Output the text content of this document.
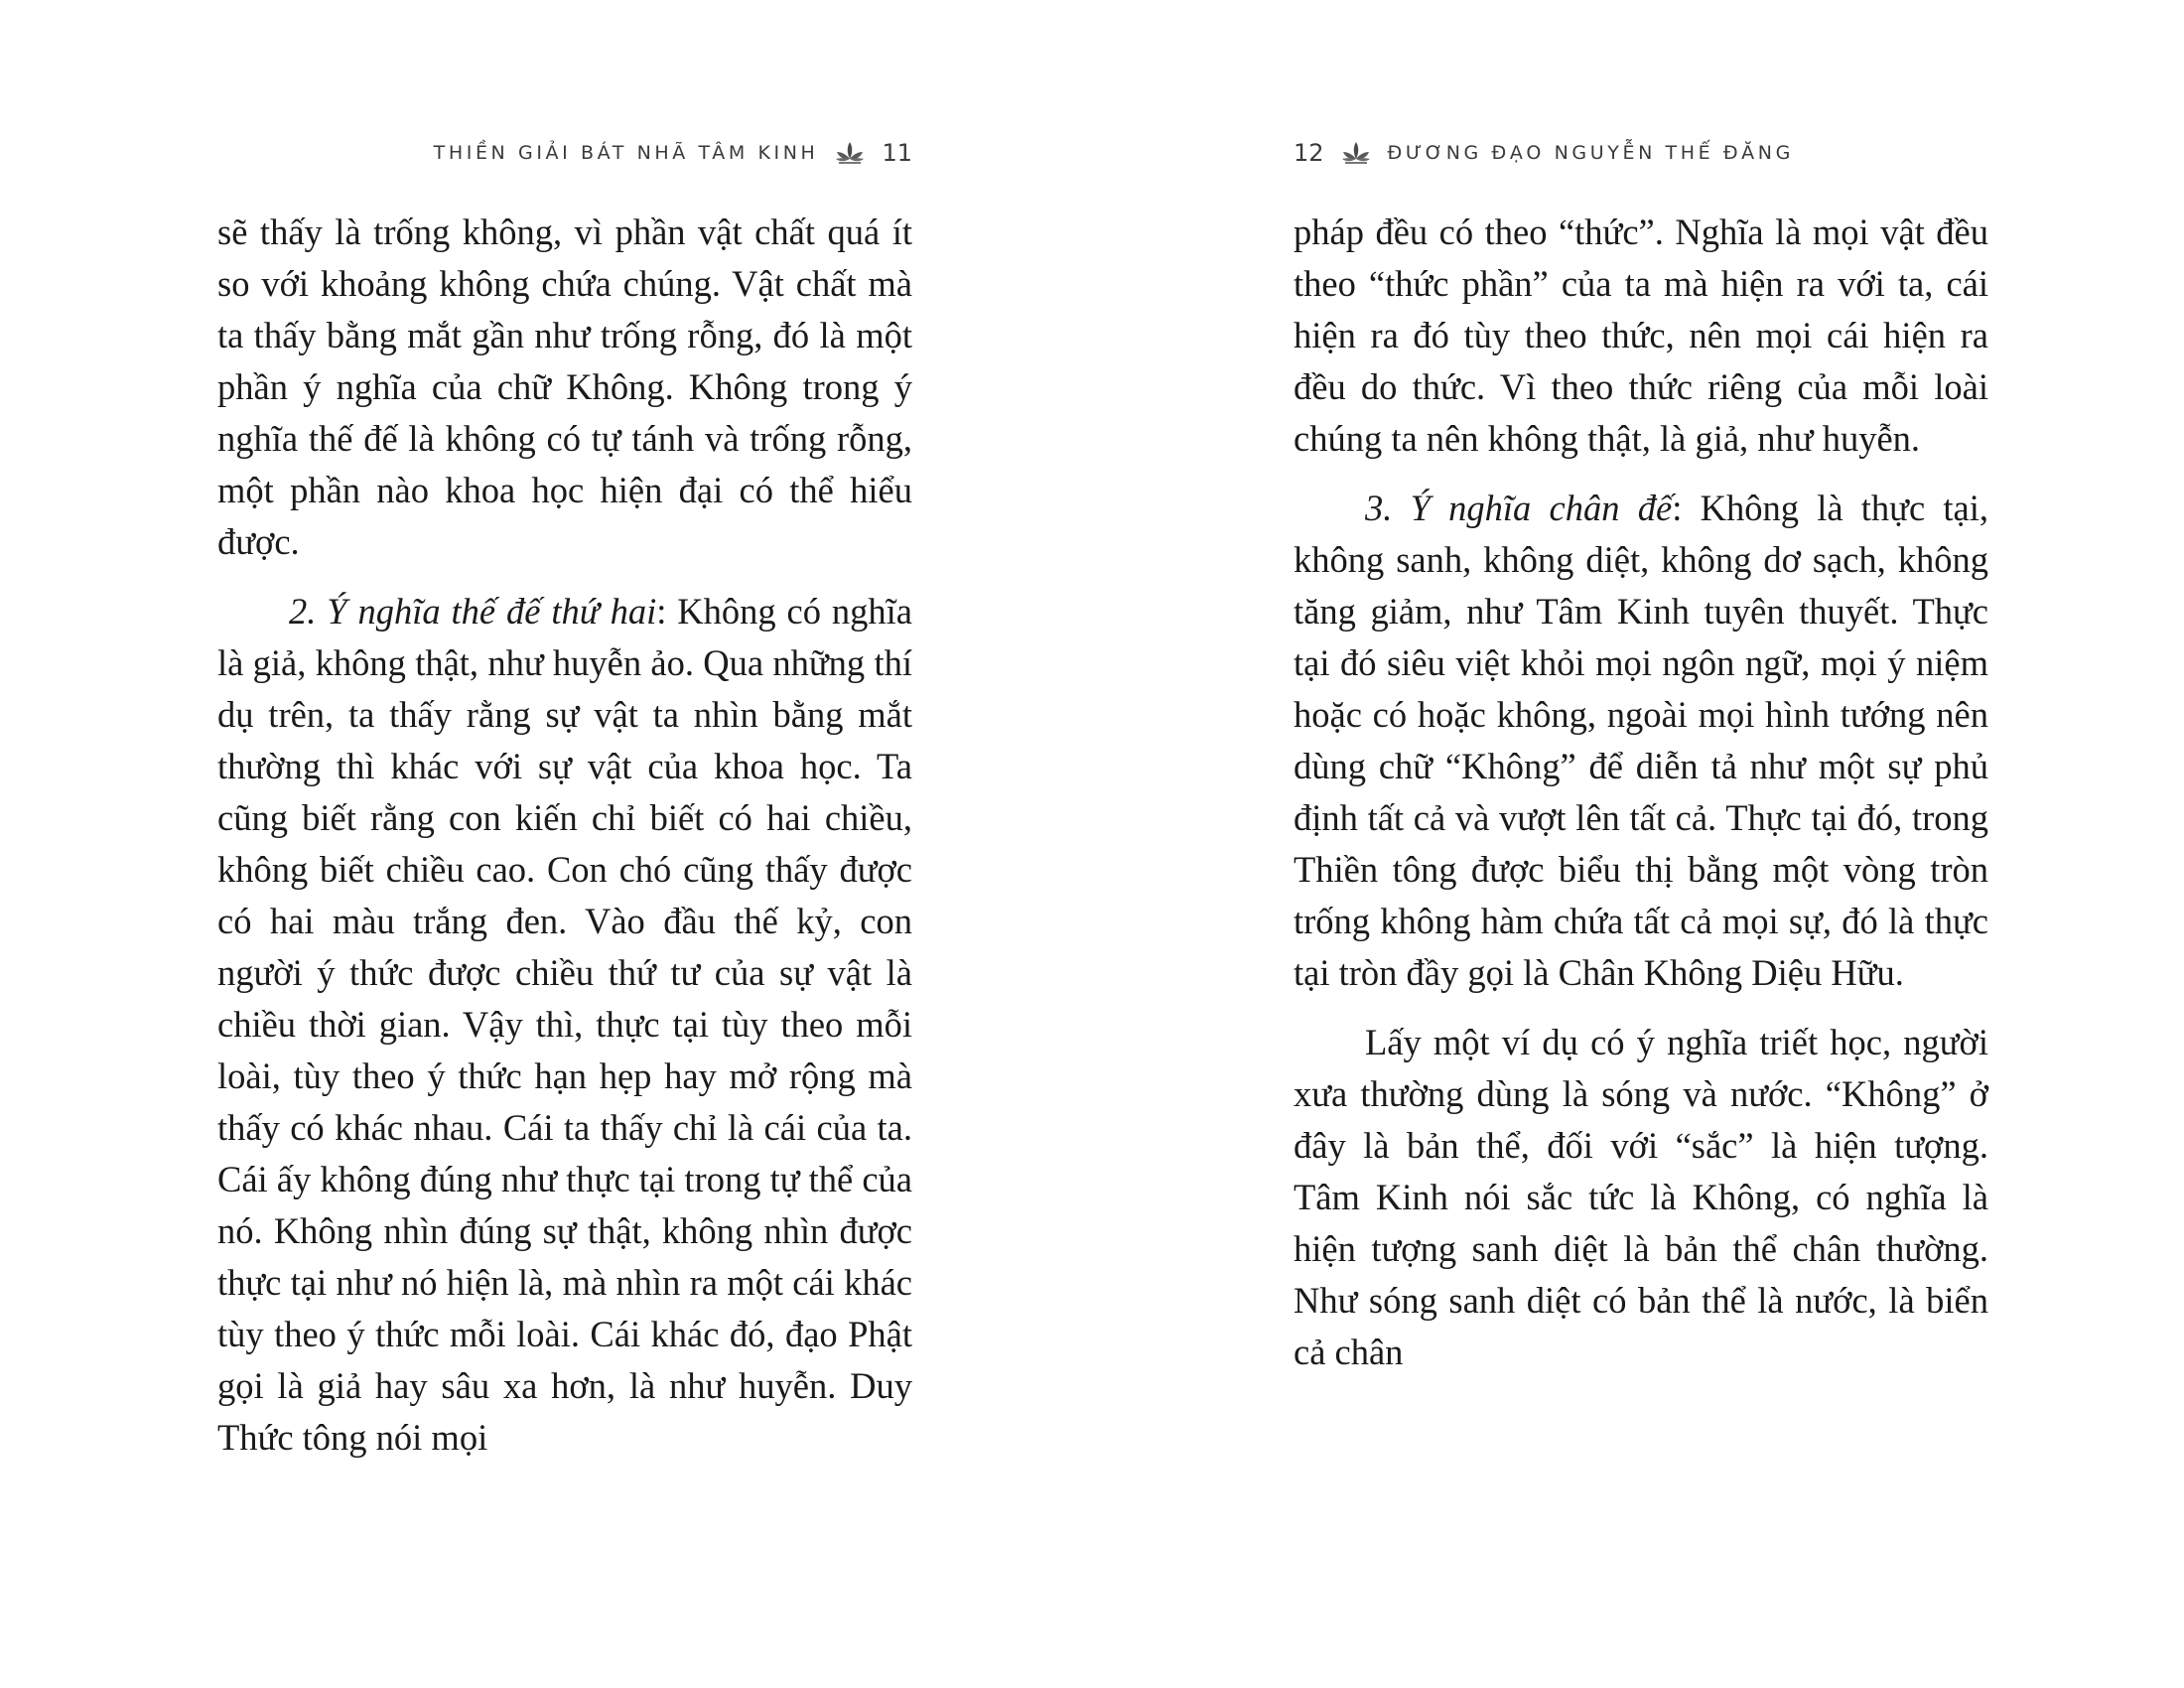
THIỀN GIẢI BÁT NHÃ TÂM KINH	11

sẽ thấy là trống không, vì phần vật chất quá ít so với khoảng không chứa chúng. Vật chất mà ta thấy bằng mắt gần như trống rỗng, đó là một phần ý nghĩa của chữ Không. Không trong ý nghĩa thế đế là không có tự tánh và trống rỗng, một phần nào khoa học hiện đại có thể hiểu được.

2. Ý nghĩa thế đế thứ hai: Không có nghĩa là giả, không thật, như huyễn ảo. Qua những thí dụ trên, ta thấy rằng sự vật ta nhìn bằng mắt thường thì khác với sự vật của khoa học. Ta cũng biết rằng con kiến chỉ biết có hai chiều, không biết chiều cao. Con chó cũng thấy được có hai màu trắng đen. Vào đầu thế kỷ, con người ý thức được chiều thứ tư của sự vật là chiều thời gian. Vậy thì, thực tại tùy theo mỗi loài, tùy theo ý thức hạn hẹp hay mở rộng mà thấy có khác nhau. Cái ta thấy chỉ là cái của ta. Cái ấy không đúng như thực tại trong tự thể của nó. Không nhìn đúng sự thật, không nhìn được thực tại như nó hiện là, mà nhìn ra một cái khác tùy theo ý thức mỗi loài. Cái khác đó, đạo Phật gọi là giả hay sâu xa hơn, là như huyễn. Duy Thức tông nói mọi

12	ĐƯƠNG ĐẠO NGUYỄN THẾ ĐĂNG

pháp đều có theo “thức”. Nghĩa là mọi vật đều theo “thức phần” của ta mà hiện ra với ta, cái hiện ra đó tùy theo thức, nên mọi cái hiện ra đều do thức. Vì theo thức riêng của mỗi loài chúng ta nên không thật, là giả, như huyễn.

3. Ý nghĩa chân đế: Không là thực tại, không sanh, không diệt, không dơ sạch, không tăng giảm, như Tâm Kinh tuyên thuyết. Thực tại đó siêu việt khỏi mọi ngôn ngữ, mọi ý niệm hoặc có hoặc không, ngoài mọi hình tướng nên dùng chữ “Không” để diễn tả như một sự phủ định tất cả và vượt lên tất cả. Thực tại đó, trong Thiền tông được biểu thị bằng một vòng tròn trống không hàm chứa tất cả mọi sự, đó là thực tại tròn đầy gọi là Chân Không Diệu Hữu.

Lấy một ví dụ có ý nghĩa triết học, người xưa thường dùng là sóng và nước. “Không” ở đây là bản thể, đối với “sắc” là hiện tượng. Tâm Kinh nói sắc tức là Không, có nghĩa là hiện tượng sanh diệt là bản thể chân thường. Như sóng sanh diệt có bản thể là nước, là biển cả chân
